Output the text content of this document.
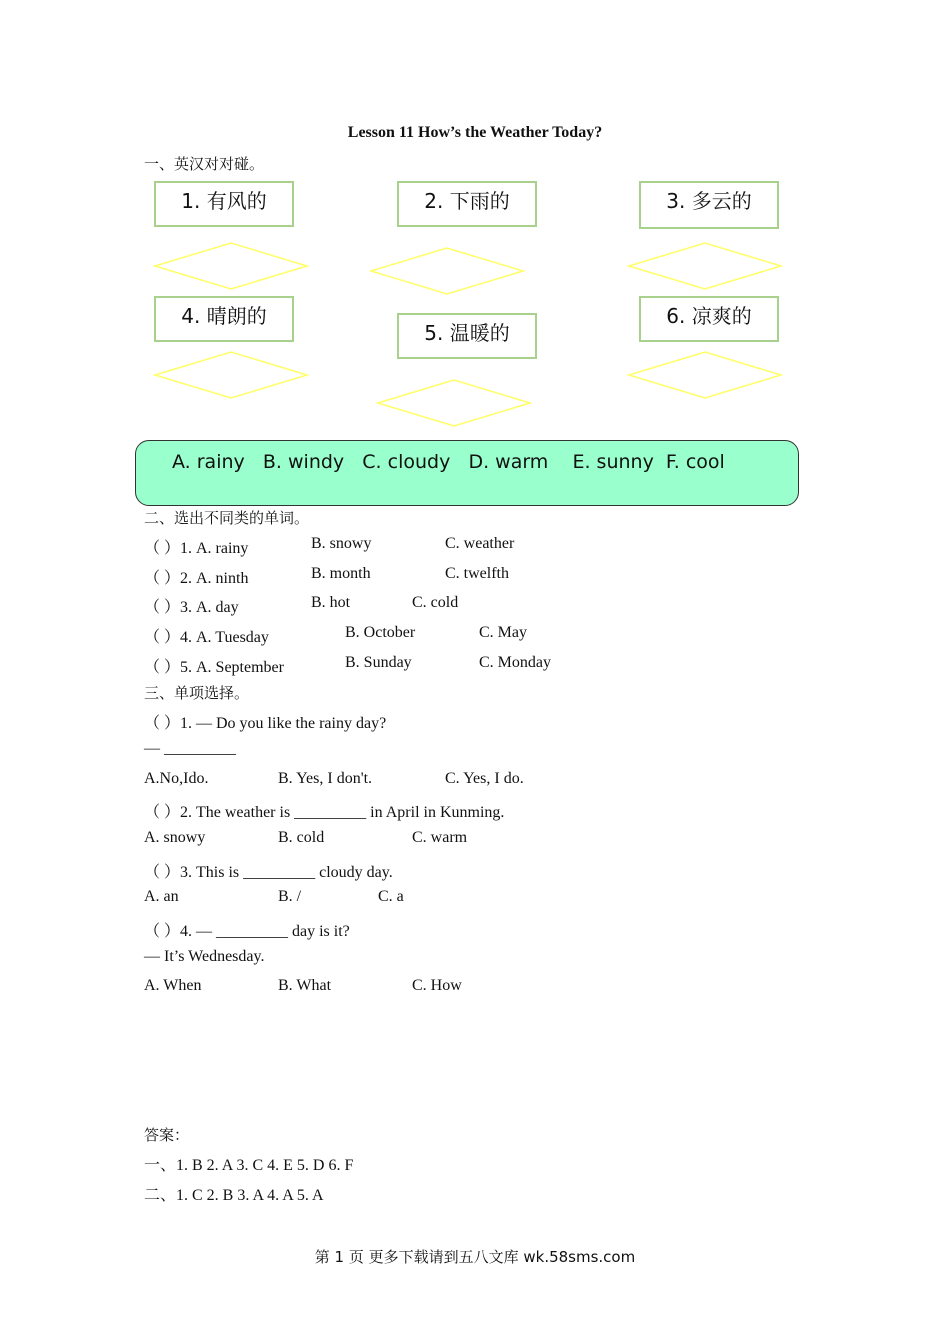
Lesson 11 How’s the Weather Today?
一、英汉对对碰。
1. 有风的	2. 下雨的	3. 多云的
4. 晴朗的
5. 温暖的
6. 凉爽的
A. rainy   B. windy   C. cloudy   D. warm    E. sunny  F. cool
二、选出不同类的单词。
（ ）1. A. rainy	B. snowy	C. weather
（ ）2. A. ninth	B. month	C. twelfth
（ ）3. A. day	B. hot	C. cold
（ ）4. A. Tuesday	B. October	C. May
（ ）5. A. September	B. Sunday	C. Monday
三、单项选择。
（ ）1. — Do you like the rainy day?
— _________
A.No,Ido.	B. Yes, I don't.	C. Yes, I do.
（ ）2. The weather is _________ in April in Kunming.
A. snowy	B. cold	C. warm
（ ）3. This is _________ cloudy day.
A. an	B. /	C. a
（ ）4. — _________ day is it?
— It’s Wednesday.
A. When	B. What	C. How
答案：
一、1. B 2. A 3. C 4. E 5. D 6. F
二、1. C 2. B 3. A 4. A 5. A
第 1 页 更多下载请到五八文库 wk.58sms.com
